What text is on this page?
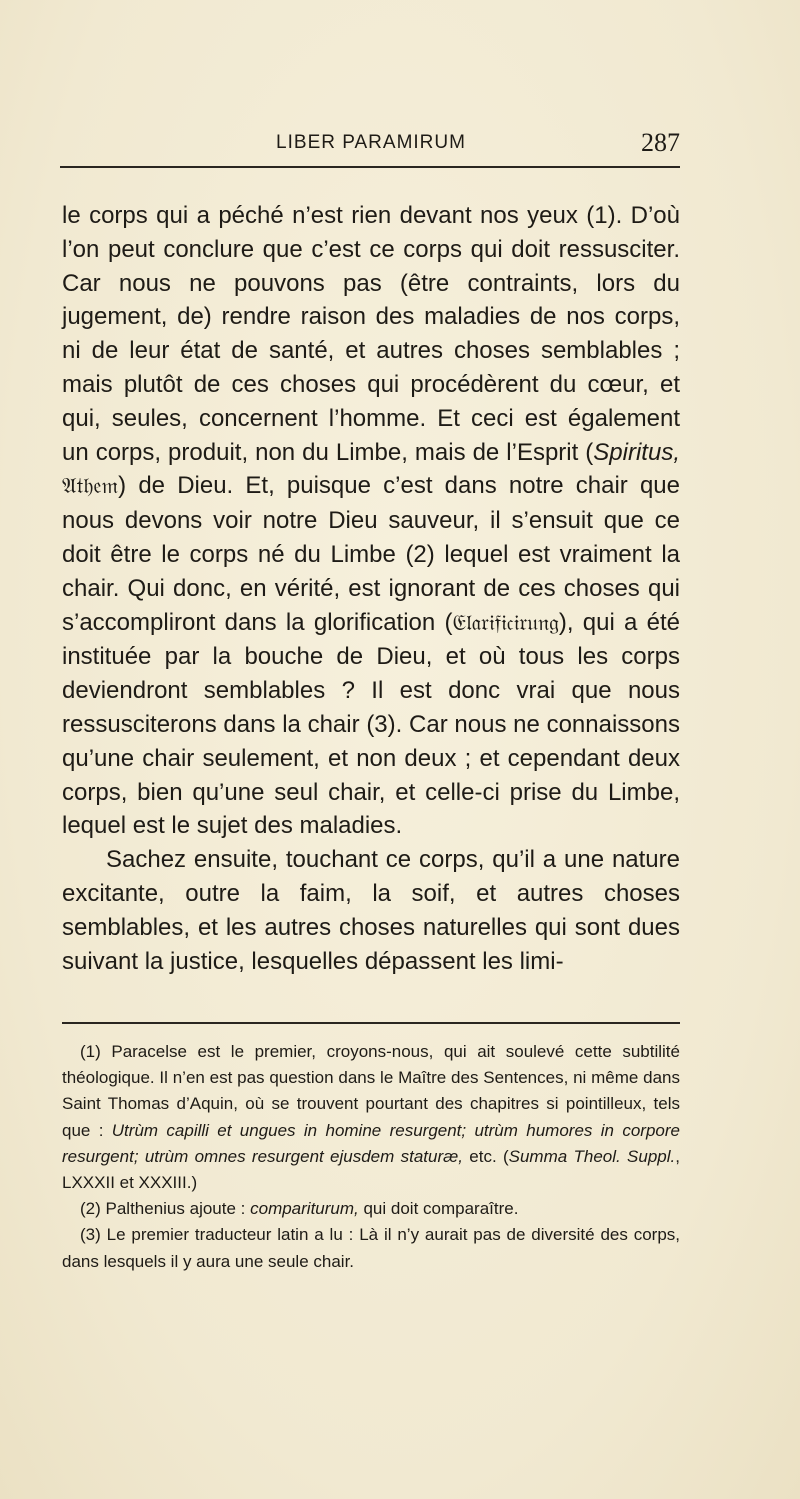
LIBER PARAMIRUM	287

le corps qui a péché n’est rien devant nos yeux (1). D’où l’on peut conclure que c’est ce corps qui doit ressusciter. Car nous ne pouvons pas (être contraints, lors du jugement, de) rendre raison des maladies de nos corps, ni de leur état de santé, et autres choses semblables ; mais plutôt de ces choses qui procédèrent du cœur, et qui, seules, concernent l’homme. Et ceci est également un corps, produit, non du Limbe, mais de l’Esprit (Spiritus, 𝔄𝔱𝔥𝔢𝔪) de Dieu. Et, puisque c’est dans notre chair que nous devons voir notre Dieu sauveur, il s’ensuit que ce doit être le corps né du Limbe (2) lequel est vraiment la chair. Qui donc, en vérité, est ignorant de ces choses qui s’accompliront dans la glorification (𝔈𝔩𝔞𝔯𝔦𝔣𝔦𝔠𝔦𝔯𝔲𝔫𝔤), qui a été instituée par la bouche de Dieu, et où tous les corps deviendront semblables ? Il est donc vrai que nous ressusciterons dans la chair (3). Car nous ne connaissons qu’une chair seulement, et non deux ; et cependant deux corps, bien qu’une seul chair, et celle-ci prise du Limbe, lequel est le sujet des maladies.

Sachez ensuite, touchant ce corps, qu’il a une nature excitante, outre la faim, la soif, et autres choses semblables, et les autres choses naturelles qui sont dues suivant la justice, lesquelles dépassent les limi-

(1) Paracelse est le premier, croyons-nous, qui ait soulevé cette subtilité théologique. Il n’en est pas question dans le Maître des Sentences, ni même dans Saint Thomas d’Aquin, où se trouvent pourtant des chapitres si pointilleux, tels que : Utrùm capilli et ungues in homine resurgent; utrùm humores in corpore resurgent; utrùm omnes resurgent ejusdem staturæ, etc. (Summa Theol. Suppl., LXXXII et XXXIII.)

(2) Palthenius ajoute : compariturum, qui doit comparaître.

(3) Le premier traducteur latin a lu : Là il n’y aurait pas de diversité des corps, dans lesquels il y aura une seule chair.
